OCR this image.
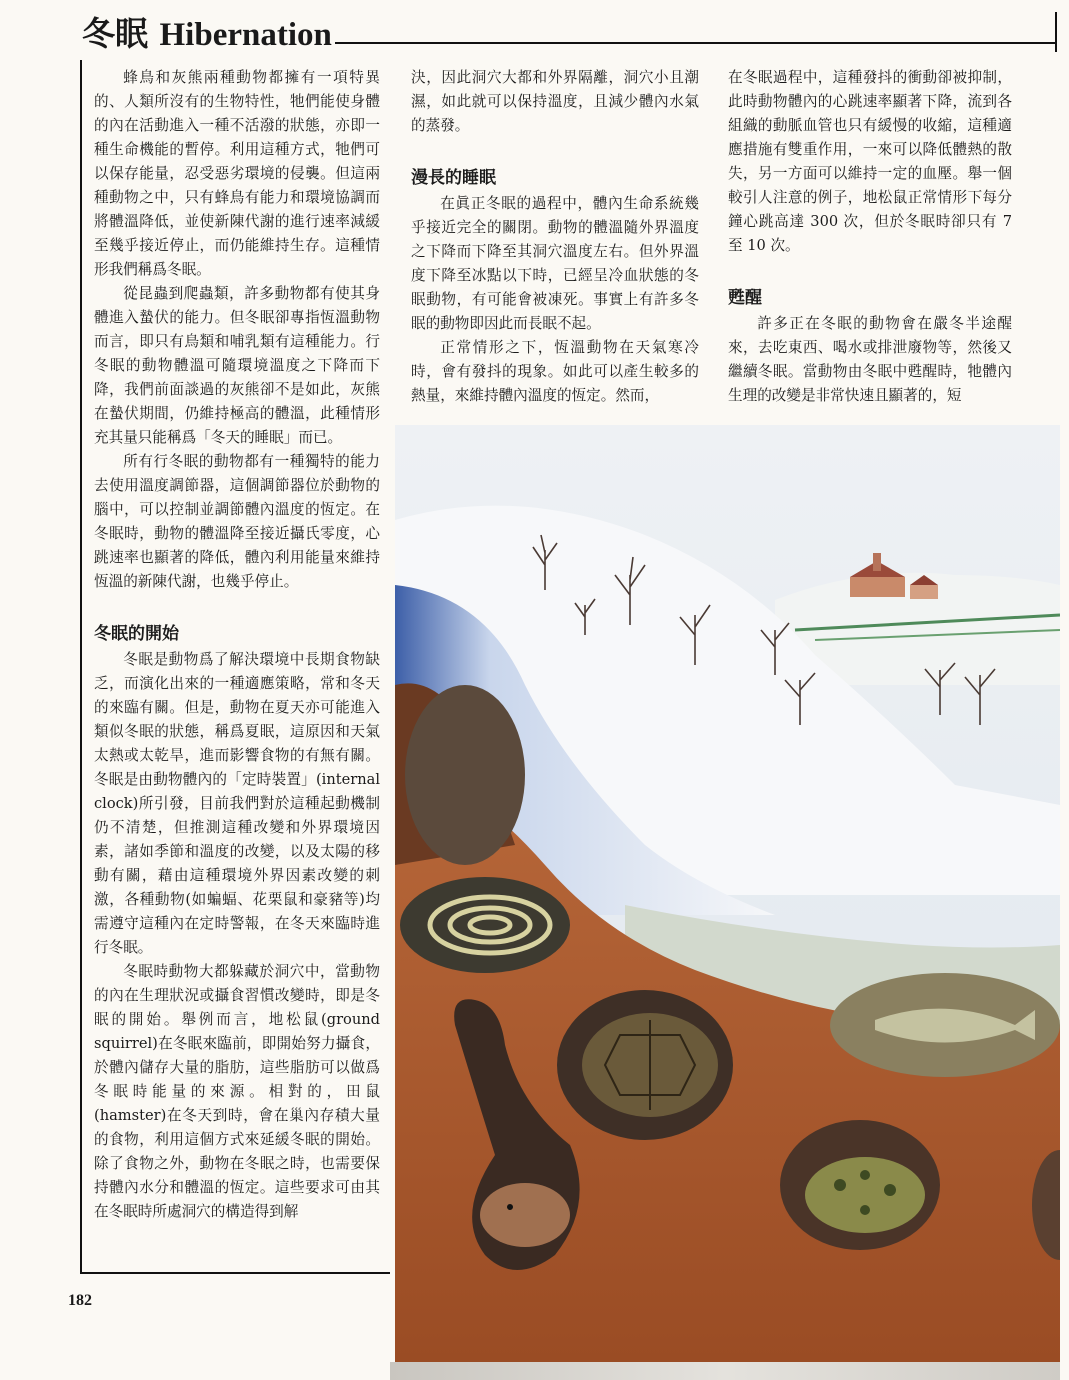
冬眠 Hibernation

蜂鳥和灰熊兩種動物都擁有一項特異的、人類所沒有的生物特性，牠們能使身體的內在活動進入一種不活潑的狀態，亦即一種生命機能的暫停。利用這種方式，牠們可以保存能量，忍受惡劣環境的侵襲。但這兩種動物之中，只有蜂鳥有能力和環境協調而將體溫降低，並使新陳代謝的進行速率減緩至幾乎接近停止，而仍能維持生存。這種情形我們稱爲冬眠。

從昆蟲到爬蟲類，許多動物都有使其身體進入蟄伏的能力。但冬眠卻專指恆溫動物而言，即只有鳥類和哺乳類有這種能力。行冬眠的動物體溫可隨環境溫度之下降而下降，我們前面談過的灰熊卻不是如此，灰熊在蟄伏期間，仍維持極高的體溫，此種情形充其量只能稱爲「冬天的睡眠」而已。

所有行冬眠的動物都有一種獨特的能力去使用溫度調節器，這個調節器位於動物的腦中，可以控制並調節體內溫度的恆定。在冬眠時，動物的體溫降至接近攝氏零度，心跳速率也顯著的降低，體內利用能量來維持恆溫的新陳代謝，也幾乎停止。

冬眠的開始

冬眠是動物爲了解決環境中長期食物缺乏，而演化出來的一種適應策略，常和冬天的來臨有關。但是，動物在夏天亦可能進入類似冬眠的狀態，稱爲夏眠，這原因和天氣太熱或太乾旱，進而影響食物的有無有關。冬眠是由動物體內的「定時裝置」(internal clock)所引發，目前我們對於這種起動機制仍不清楚，但推測這種改變和外界環境因素，諸如季節和溫度的改變，以及太陽的移動有關，藉由這種環境外界因素改變的刺激，各種動物(如蝙蝠、花栗鼠和豪豬等)均需遵守這種內在定時警報，在冬天來臨時進行冬眠。

冬眠時動物大都躲藏於洞穴中，當動物的內在生理狀況或攝食習慣改變時，即是冬眠的開始。舉例而言，地松鼠(ground squirrel)在冬眠來臨前，即開始努力攝食，於體內儲存大量的脂肪，這些脂肪可以做爲冬眠時能量的來源。相對的，田鼠(hamster)在冬天到時，會在巢內存積大量的食物，利用這個方式來延緩冬眠的開始。除了食物之外，動物在冬眠之時，也需要保持體內水分和體溫的恆定。這些要求可由其在冬眠時所處洞穴的構造得到解

決，因此洞穴大都和外界隔離，洞穴小且潮濕，如此就可以保持溫度，且減少體內水氣的蒸發。

漫長的睡眠

在眞正冬眠的過程中，體內生命系統幾乎接近完全的關閉。動物的體溫隨外界溫度之下降而下降至其洞穴溫度左右。但外界溫度下降至冰點以下時，已經呈冷血狀態的冬眠動物，有可能會被凍死。事實上有許多冬眠的動物即因此而長眠不起。

正常情形之下，恆溫動物在天氣寒冷時，會有發抖的現象。如此可以產生較多的熱量，來維持體內溫度的恆定。然而，

在冬眠過程中，這種發抖的衝動卻被抑制，此時動物體內的心跳速率顯著下降，流到各組織的動脈血管也只有緩慢的收縮，這種適應措施有雙重作用，一來可以降低體熱的散失，另一方面可以維持一定的血壓。舉一個較引人注意的例子，地松鼠正常情形下每分鐘心跳高達 300 次，但於冬眠時卻只有 7 至 10 次。

甦醒

許多正在冬眠的動物會在嚴冬半途醒來，去吃東西、喝水或排泄廢物等，然後又繼續冬眠。當動物由冬眠中甦醒時，牠體內生理的改變是非常快速且顯著的，短

182
